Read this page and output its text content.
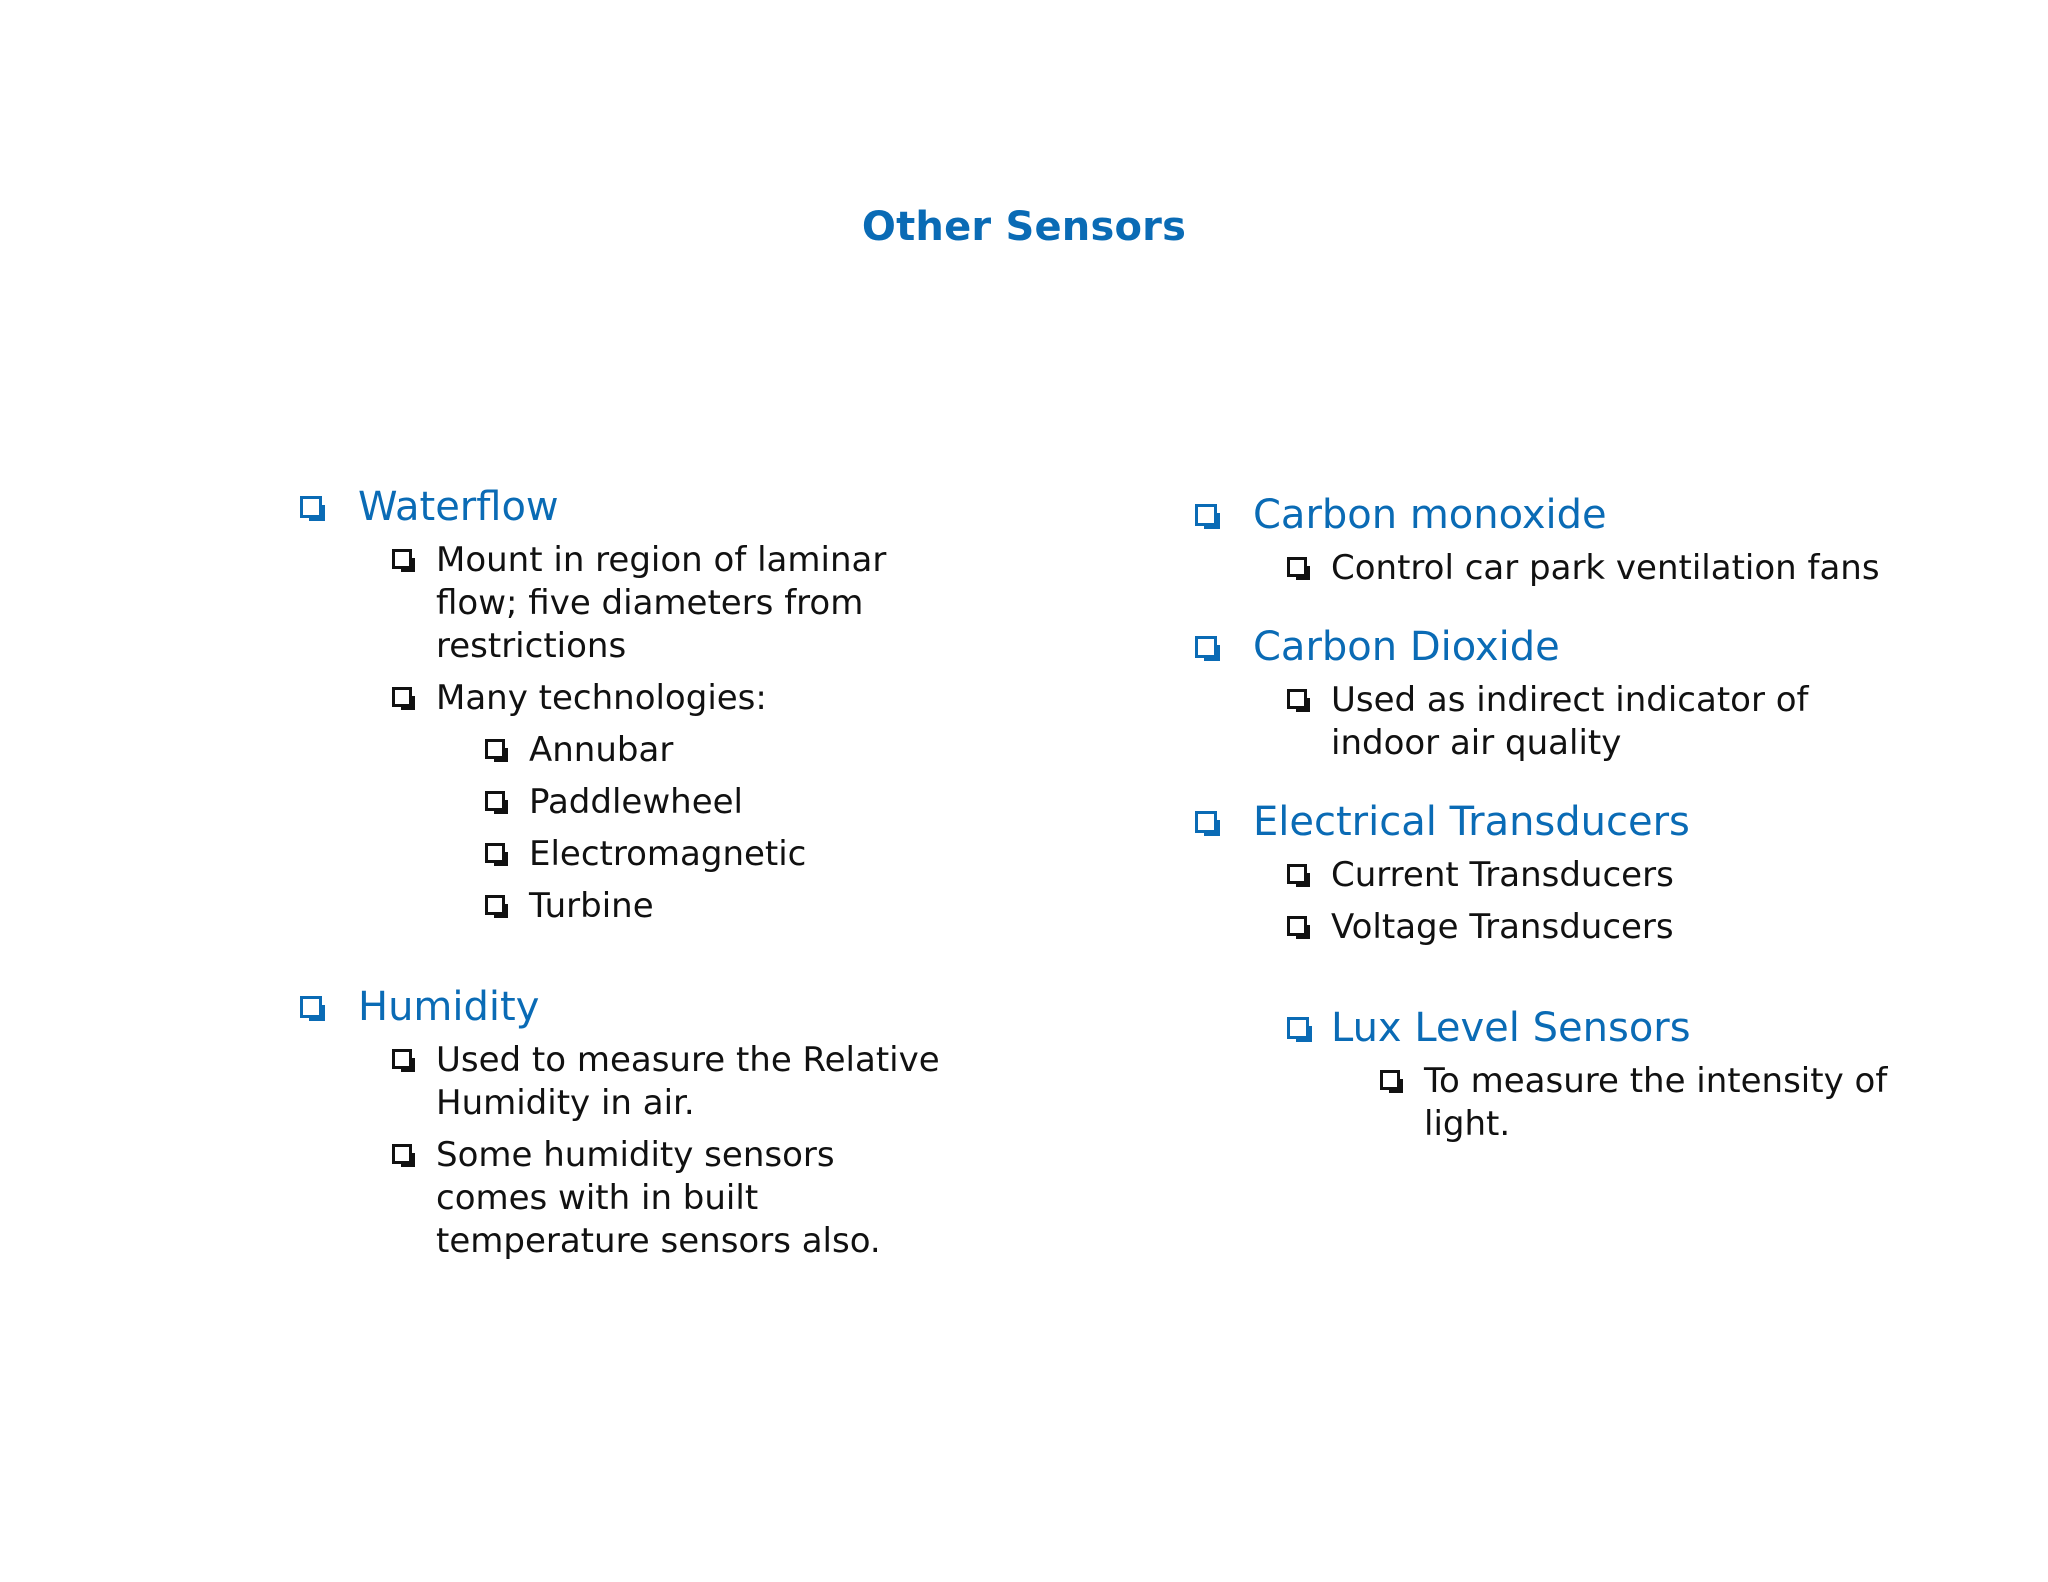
Other Sensors
Waterflow
Mount in region of laminar flow; five diameters from restrictions
Many technologies:
Annubar
Paddlewheel
Electromagnetic
Turbine
Humidity
Used to measure the Relative Humidity in air.
Some humidity sensors comes with in built temperature sensors also.
Carbon monoxide
Control car park ventilation fans
Carbon Dioxide
Used as indirect indicator of indoor air quality
Electrical Transducers
Current Transducers
Voltage Transducers
Lux Level Sensors
To measure the intensity of light.
